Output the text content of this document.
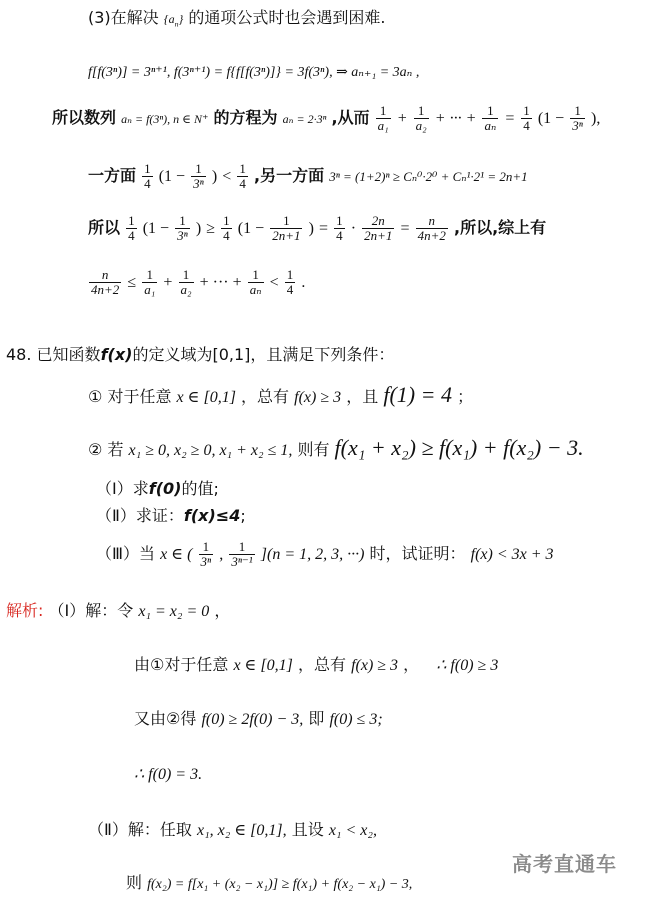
(3)在解决 $\{a_n\}$ 的通项公式时也会遇到困难.
f[f(3ⁿ)] = 3ⁿ⁺¹, f(3ⁿ⁺¹) = f{f[f(3ⁿ)]} = 3f(3ⁿ), ⇒ aₙ₊₁ = 3aₙ ,
所以数列 aₙ = f(3ⁿ), n ∈ N⁺ 的方程为 aₙ = 2·3ⁿ ,从而 $\frac{1}{\text{a₁}} + \frac{1}{\text{a₂}}$ + ··· + $\frac{1}{\text{aₙ}} = \frac{1}{4} (1 - \frac{1}{\text{3ⁿ}}$ ),
一方面 $\frac{1}{4} (1 - \frac{1}{\text{3ⁿ}}$ ) < $\frac{1}{4}$ ,另一方面 3ⁿ = (1+2)ⁿ ≥ Cₙ⁰·2⁰ + Cₙ¹·2¹ = 2n+1
所以 $\frac{1}{4} (1 - \frac{1}{\text{3ⁿ}}$ ) ≥ $\frac{1}{4} (1 - \frac{1}{2n+1}$ ) = $\frac{1}{4} \cdot \frac{2n}{2n+1} = \frac{n}{4n+2}$ ,所以,综上有
$\frac{n}{4n+2} \le \frac{1}{\text{a₁}} + \frac{1}{\text{a₂}}$ + ··· + $\frac{1}{\text{aₙ}} < \frac{1}{4}$ .
48. 已知函数f(x)的定义域为[0,1]，且满足下列条件：
① 对于任意 x ∈ [0,1] ，总有 f(x) ≥ 3 ，且 f(1) = 4 ；
② 若 x₁ ≥ 0, x₂ ≥ 0, x₁ + x₂ ≤ 1, 则有 f(x₁ + x₂) ≥ f(x₁) + f(x₂) − 3.
（Ⅰ）求f(0)的值;
（Ⅱ）求证：f(x)≤4;
（Ⅲ）当 x ∈ ( $\frac{1}{\text{3ⁿ}}$ , $\frac{1}{\text{3ⁿ⁻¹}} ](n = 1$, 2, 3, ···) 时，试证明： f(x) < 3x + 3
解析: （Ⅰ）解：令 x₁ = x₂ = 0 ，
由①对于任意 x ∈ [0,1] ，总有 f(x) ≥ 3 ， ∴ f(0) ≥ 3
又由②得 f(0) ≥ 2f(0) − 3, 即 f(0) ≤ 3;
∴ f(0) = 3.
（Ⅱ）解：任取 x₁, x₂ ∈ [0,1], 且设 x₁ < x₂,
则 f(x₂) = f[x₁ + (x₂ − x₁)] ≥ f(x₁) + f(x₂ − x₁) − 3,
高考直通车
